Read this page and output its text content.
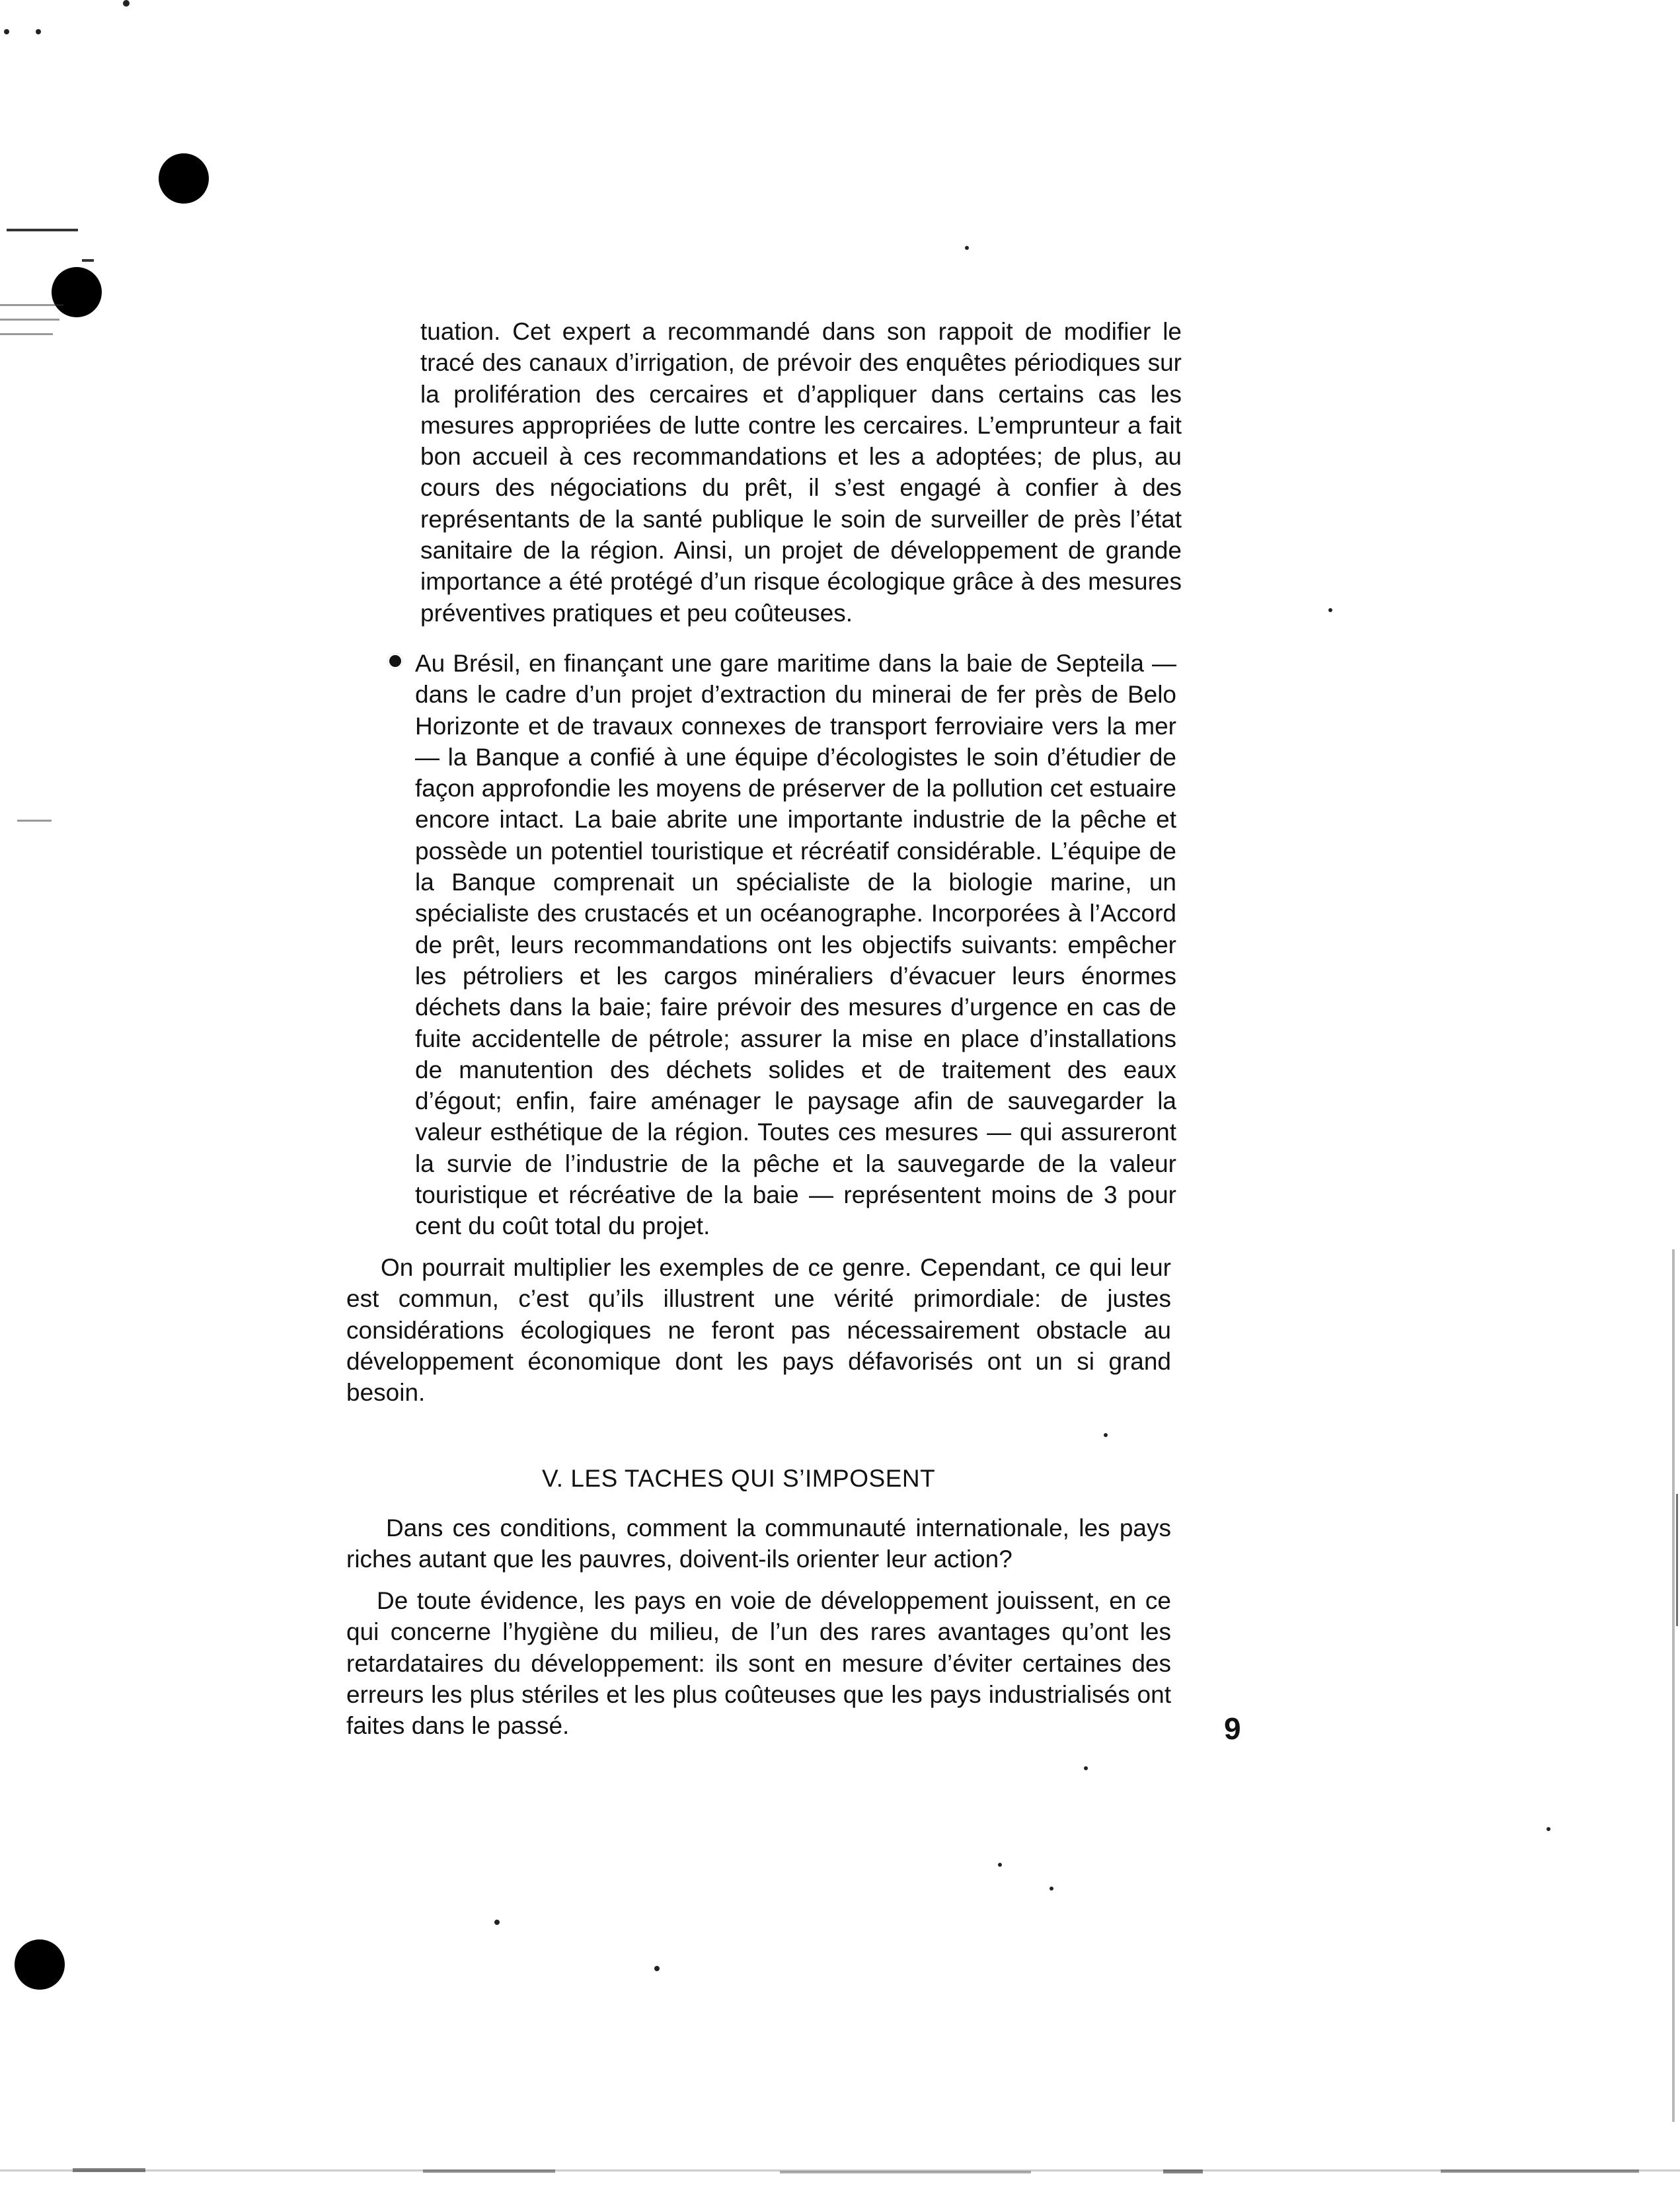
tuation. Cet expert a recommandé dans son rappoit de modifier le tracé des canaux d’irrigation, de prévoir des enquêtes périodiques sur la prolifération des cercaires et d’appliquer dans certains cas les mesures appropriées de lutte contre les cercaires. L’emprunteur a fait bon accueil à ces recommandations et les a adoptées; de plus, au cours des négociations du prêt, il s’est engagé à confier à des représentants de la santé publique le soin de surveiller de près l’état sanitaire de la région. Ainsi, un projet de développement de grande importance a été protégé d’un risque écologique grâce à des mesures préventives pratiques et peu coûteuses.

Au Brésil, en finançant une gare maritime dans la baie de Septeila — dans le cadre d’un projet d’extraction du minerai de fer près de Belo Horizonte et de travaux connexes de transport ferroviaire vers la mer — la Banque a confié à une équipe d’écologistes le soin d’étudier de façon approfondie les moyens de préserver de la pollution cet estuaire encore intact. La baie abrite une importante industrie de la pêche et possède un potentiel touristique et récréatif considérable. L’équipe de la Banque comprenait un spécialiste de la biologie marine, un spécialiste des crustacés et un océanographe. Incorporées à l’Accord de prêt, leurs recommandations ont les objectifs suivants: empêcher les pétroliers et les cargos minéraliers d’évacuer leurs énormes déchets dans la baie; faire prévoir des mesures d’urgence en cas de fuite accidentelle de pétrole; assurer la mise en place d’installations de manutention des déchets solides et de traitement des eaux d’égout; enfin, faire aménager le paysage afin de sauvegarder la valeur esthétique de la région. Toutes ces mesures — qui assureront la survie de l’industrie de la pêche et la sauvegarde de la valeur touristique et récréative de la baie — représentent moins de 3 pour cent du coût total du projet.

On pourrait multiplier les exemples de ce genre. Cependant, ce qui leur est commun, c’est qu’ils illustrent une vérité primordiale: de justes considérations écologiques ne feront pas nécessairement obstacle au développement économique dont les pays défavorisés ont un si grand besoin.

V. LES TACHES QUI S’IMPOSENT

Dans ces conditions, comment la communauté internationale, les pays riches autant que les pauvres, doivent-ils orienter leur action?

De toute évidence, les pays en voie de développement jouissent, en ce qui concerne l’hygiène du milieu, de l’un des rares avantages qu’ont les retardataires du développement: ils sont en mesure d’éviter certaines des erreurs les plus stériles et les plus coûteuses que les pays industrialisés ont faites dans le passé.	9
